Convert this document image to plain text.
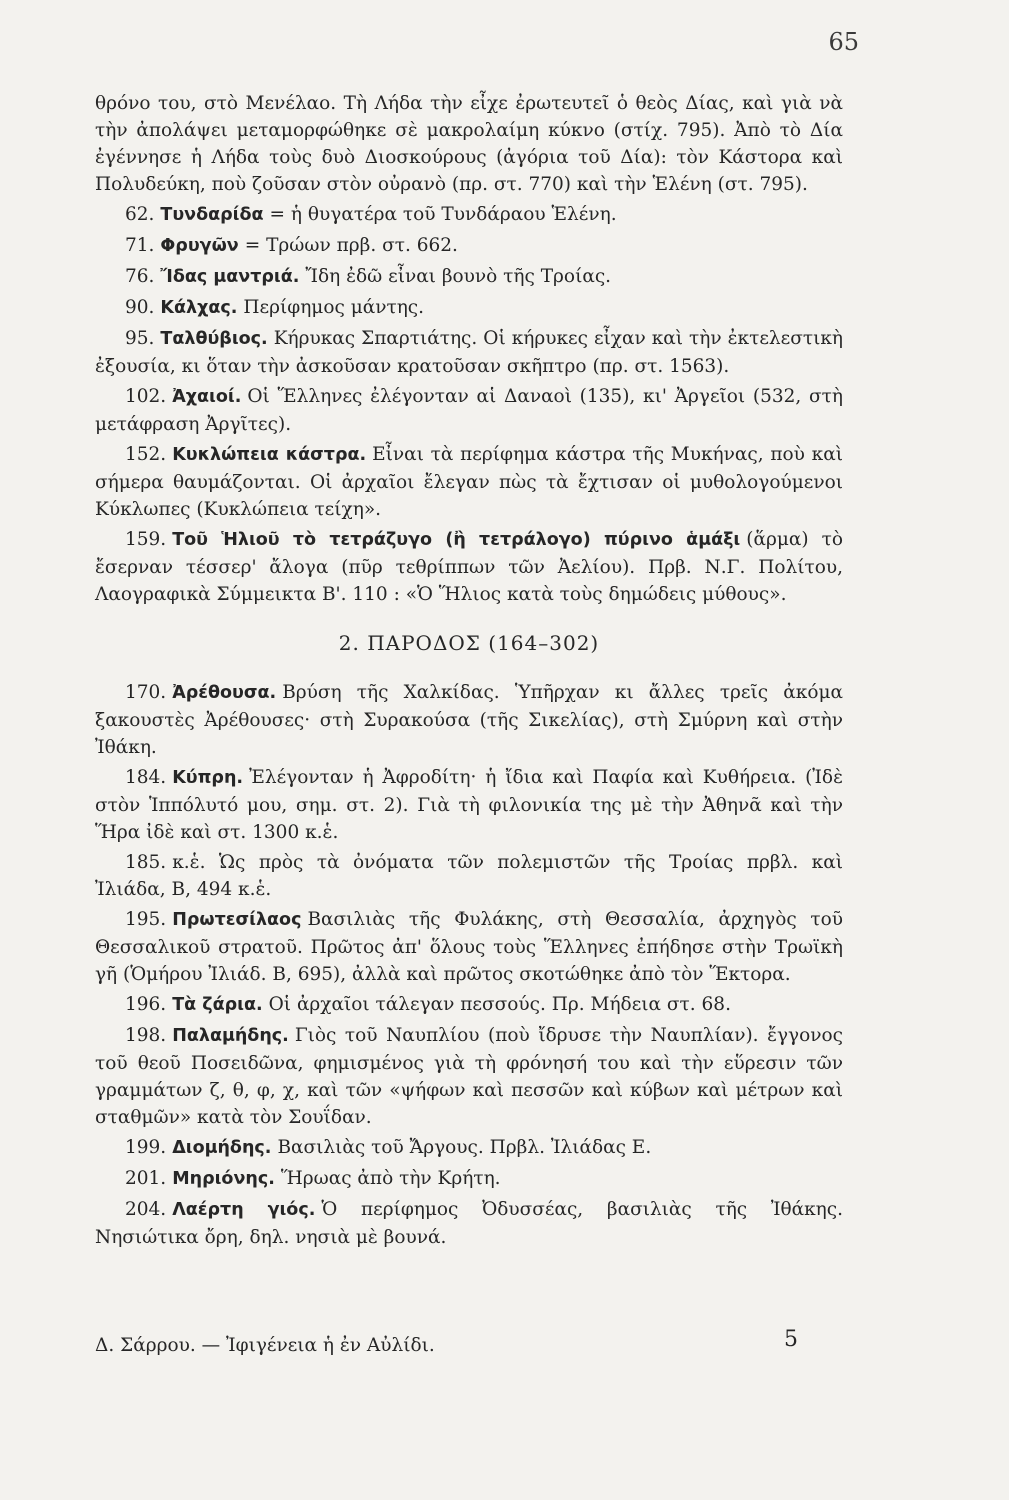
65

θρόνο του, στὸ Μενέλαο. Τὴ Λήδα τὴν εἶχε ἐρωτευτεῖ ὁ θεὸς Δίας, καὶ γιὰ νὰ τὴν ἀπολάψει μεταμορφώθηκε σὲ μακρολαίμη κύκνο (στίχ. 795). Ἀπὸ τὸ Δία ἐγέννησε ἡ Λήδα τοὺς δυὸ Διοσκούρους (ἀγόρια τοῦ Δία): τὸν Κάστορα καὶ Πολυδεύκη, ποὺ ζοῦσαν στὸν οὐρανὸ (πρ. στ. 770) καὶ τὴν Ἑλένη (στ. 795).

62. Τυνδαρίδα = ἡ θυγατέρα τοῦ Τυνδάραου Ἑλένη.

71. Φρυγῶν = Τρώων πρβ. στ. 662.

76. Ἴδας μαντριά. Ἴδη ἐδῶ εἶναι βουνὸ τῆς Τροίας.

90. Κάλχας. Περίφημος μάντης.

95. Ταλθύβιος. Κήρυκας Σπαρτιάτης. Οἱ κήρυκες εἶχαν καὶ τὴν ἐκτελεστικὴ ἐξουσία, κι ὅταν τὴν ἀσκοῦσαν κρατοῦσαν σκῆπτρο (πρ. στ. 1563).

102. Ἀχαιοί. Οἱ Ἕλληνες ἐλέγονταν αἱ Δαναοὶ (135), κι' Ἀργεῖοι (532, στὴ μετάφραση Ἀργῖτες).

152. Κυκλώπεια κάστρα. Εἶναι τὰ περίφημα κάστρα τῆς Μυκήνας, ποὺ καὶ σήμερα θαυμάζονται. Οἱ ἀρχαῖοι ἔλεγαν πὼς τὰ ἔχτισαν οἱ μυθολογούμενοι Κύκλωπες (Κυκλώπεια τείχη».

159. Τοῦ Ἡλιοῦ τὸ τετράζυγο (ἢ τετράλογο) πύρινο ἁμάξι (ἅρμα) τὸ ἔσερναν τέσσερ' ἄλογα (πῦρ τεθρίππων τῶν Ἀελίου). Πρβ. Ν.Γ. Πολίτου, Λαογραφικὰ Σύμμεικτα Β'. 110 : «Ὁ Ἥλιος κατὰ τοὺς δημώδεις μύθους».

2. ΠΑΡΟΔΟΣ (164–302)

170. Ἀρέθουσα. Βρύση τῆς Χαλκίδας. Ὑπῆρχαν κι ἄλλες τρεῖς ἀκόμα ξακουστὲς Ἀρέθουσες· στὴ Συρακούσα (τῆς Σικελίας), στὴ Σμύρνη καὶ στὴν Ἰθάκη.

184. Κύπρη. Ἐλέγονταν ἡ Ἀφροδίτη· ἡ ἴδια καὶ Παφία καὶ Κυθήρεια. (Ἰδὲ στὸν Ἱππόλυτό μου, σημ. στ. 2). Γιὰ τὴ φιλονικία της μὲ τὴν Ἀθηνᾶ καὶ τὴν Ἥρα ἰδὲ καὶ στ. 1300 κ.ἑ.

185. κ.ἑ. Ὡς πρὸς τὰ ὀνόματα τῶν πολεμιστῶν τῆς Τροίας πρβλ. καὶ Ἰλιάδα, Β, 494 κ.ἑ.

195. Πρωτεσίλαος Βασιλιὰς τῆς Φυλάκης, στὴ Θεσσαλία, ἀρχηγὸς τοῦ Θεσσαλικοῦ στρατοῦ. Πρῶτος ἀπ' ὅλους τοὺς Ἕλληνες ἐπήδησε στὴν Τρωϊκὴ γῆ (Ὁμήρου Ἰλιάδ. Β, 695), ἀλλὰ καὶ πρῶτος σκοτώθηκε ἀπὸ τὸν Ἕκτορα.

196. Τὰ ζάρια. Οἱ ἀρχαῖοι τάλεγαν πεσσούς. Πρ. Μήδεια στ. 68.

198. Παλαμήδης. Γιὸς τοῦ Ναυπλίου (ποὺ ἴδρυσε τὴν Ναυπλίαν). ἔγγονος τοῦ θεοῦ Ποσειδῶνα, φημισμένος γιὰ τὴ φρόνησή του καὶ τὴν εὕρεσιν τῶν γραμμάτων ζ, θ, φ, χ, καὶ τῶν «ψήφων καὶ πεσσῶν καὶ κύβων καὶ μέτρων καὶ σταθμῶν» κατὰ τὸν Σουΐδαν.

199. Διομήδης. Βασιλιὰς τοῦ Ἄργους. Πρβλ. Ἰλιάδας Ε.

201. Μηριόνης. Ἥρωας ἀπὸ τὴν Κρήτη.

204. Λαέρτη γιός. Ὁ περίφημος Ὀδυσσέας, βασιλιὰς τῆς Ἰθάκης. Νησιώτικα ὄρη, δηλ. νησιὰ μὲ βουνά.

Δ. Σάρρου. — Ἰφιγένεια ἡ ἐν Αὐλίδι.	5
